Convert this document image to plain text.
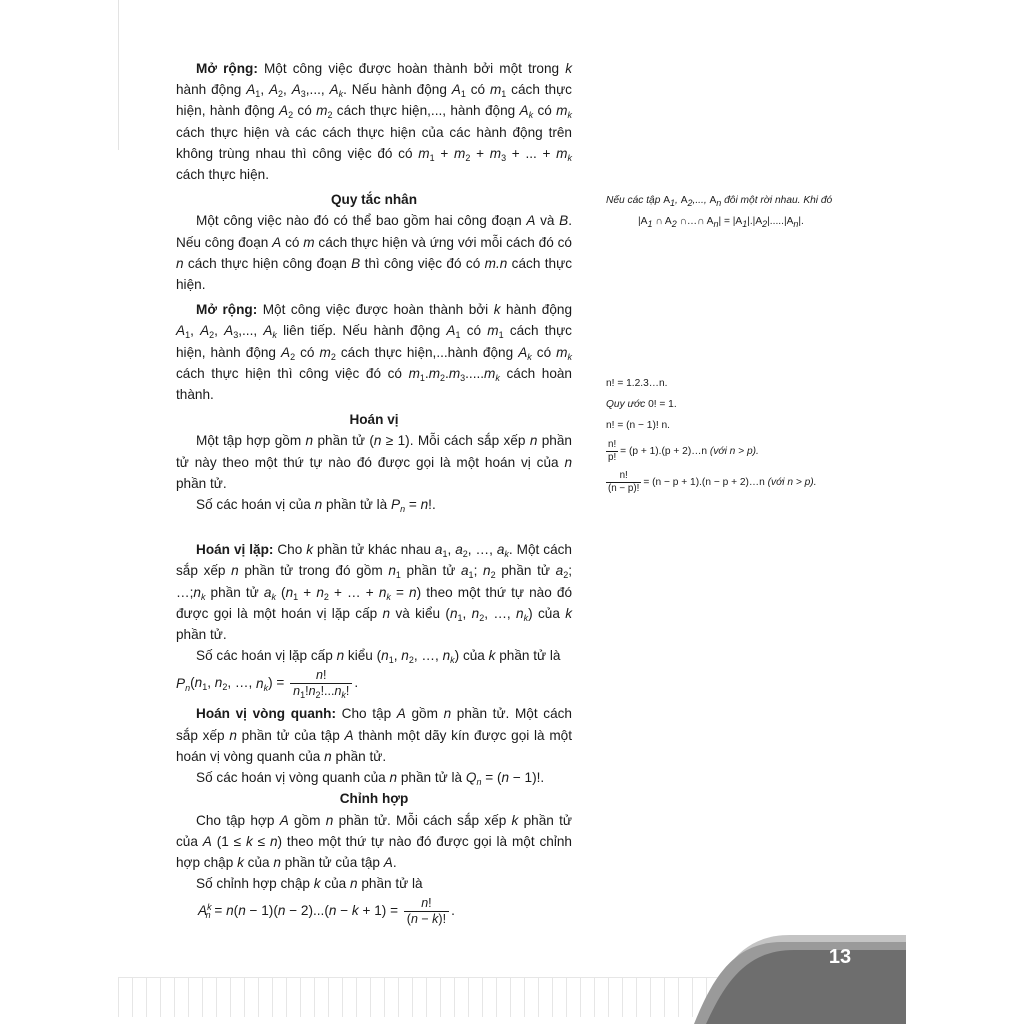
Mở rộng: Một công việc được hoàn thành bởi một trong k hành động $A_1$, $A_2$, $A_3$,..., $A_k$. Nếu hành động $A_1$ có $m_1$ cách thực hiện, hành động $A_2$ có $m_2$ cách thực hiện,..., hành động $A_k$ có $m_k$ cách thực hiện và các cách thực hiện của các hành động trên không trùng nhau thì công việc đó có $m_1 + m_2 + m_3$ + ... + $m_k$ cách thực hiện.

Quy tắc nhân

Một công việc nào đó có thể bao gồm hai công đoạn A và B. Nếu công đoạn A có m cách thực hiện và ứng với mỗi cách đó có n cách thực hiện công đoạn B thì công việc đó có m.n cách thực hiện.

Mở rộng: Một công việc được hoàn thành bởi k hành động $A_1$, $A_2$, $A_3$,..., $A_k$ liên tiếp. Nếu hành động $A_1$ có $m_1$ cách thực hiện, hành động $A_2$ có $m_2$ cách thực hiện,...hành động $A_k$ có $m_k$ cách thực hiện thì công việc đó có $m_1.m_2.m_3.....m_k$ cách hoàn thành.

Hoán vị

Một tập hợp gồm n phần tử (n ≥ 1). Mỗi cách sắp xếp n phần tử này theo một thứ tự nào đó được gọi là một hoán vị của n phần tử.

Số các hoán vị của n phần tử là $P_n = n$!.

Hoán vị lặp: Cho k phần tử khác nhau $a_1$, $a_2$, …, $a_k$. Một cách sắp xếp n phần tử trong đó gồm $n_1$ phần tử $a_1$; $n_2$ phần tử $a_2$; $\dots;n_k$ phần tử $a_k$ ($n_1 + n_2$ + … + $n_k = n$) theo một thứ tự nào đó được gọi là một hoán vị lặp cấp n và kiểu ($n_1$, $n_2$, …, $n_k$) của k phần tử.

Số các hoán vị lặp cấp n kiểu ($n_1$, $n_2$, …, $n_k$) của k phần tử là

$P_n(n_1$, $n_2$, …, $n_k) = \frac{n!}{n_1!n_2!...n_k!}$ .

Hoán vị vòng quanh: Cho tập A gồm n phần tử. Một cách sắp xếp n phần tử của tập A thành một dãy kín được gọi là một hoán vị vòng quanh của n phần tử.

Số các hoán vị vòng quanh của n phần tử là $Q_n = (n - 1)$!.

Chỉnh hợp

Cho tập hợp A gồm n phần tử. Mỗi cách sắp xếp k phần tử của A (1 ≤ k ≤ n) theo một thứ tự nào đó được gọi là một chỉnh hợp chập k của n phần tử của tập A.

Số chỉnh hợp chập k của n phần tử là

$A^k_n = n(n - 1)(n - 2)...(n - k + 1) = \frac{n!}{(n - k)!}$ .

Nếu các tập $A_1$, $A_2$,..., $A_n$ đôi một rời nhau. Khi đó

$|A_1$ ∩ $A_2$ ∩…∩ $A_n| = |A_1|.|A_2|.....|A_n|$.

n! = 1.2.3…n.

Quy ước 0! = 1.

n! = (n − 1)! n.

$\frac{n!}{p!} = (p + 1).(p$ + 2)…n (với n > p).

$\frac{n!}{(n - p)!} = (n - p + 1).(n - p$ + 2)…n (với n > p).

13
